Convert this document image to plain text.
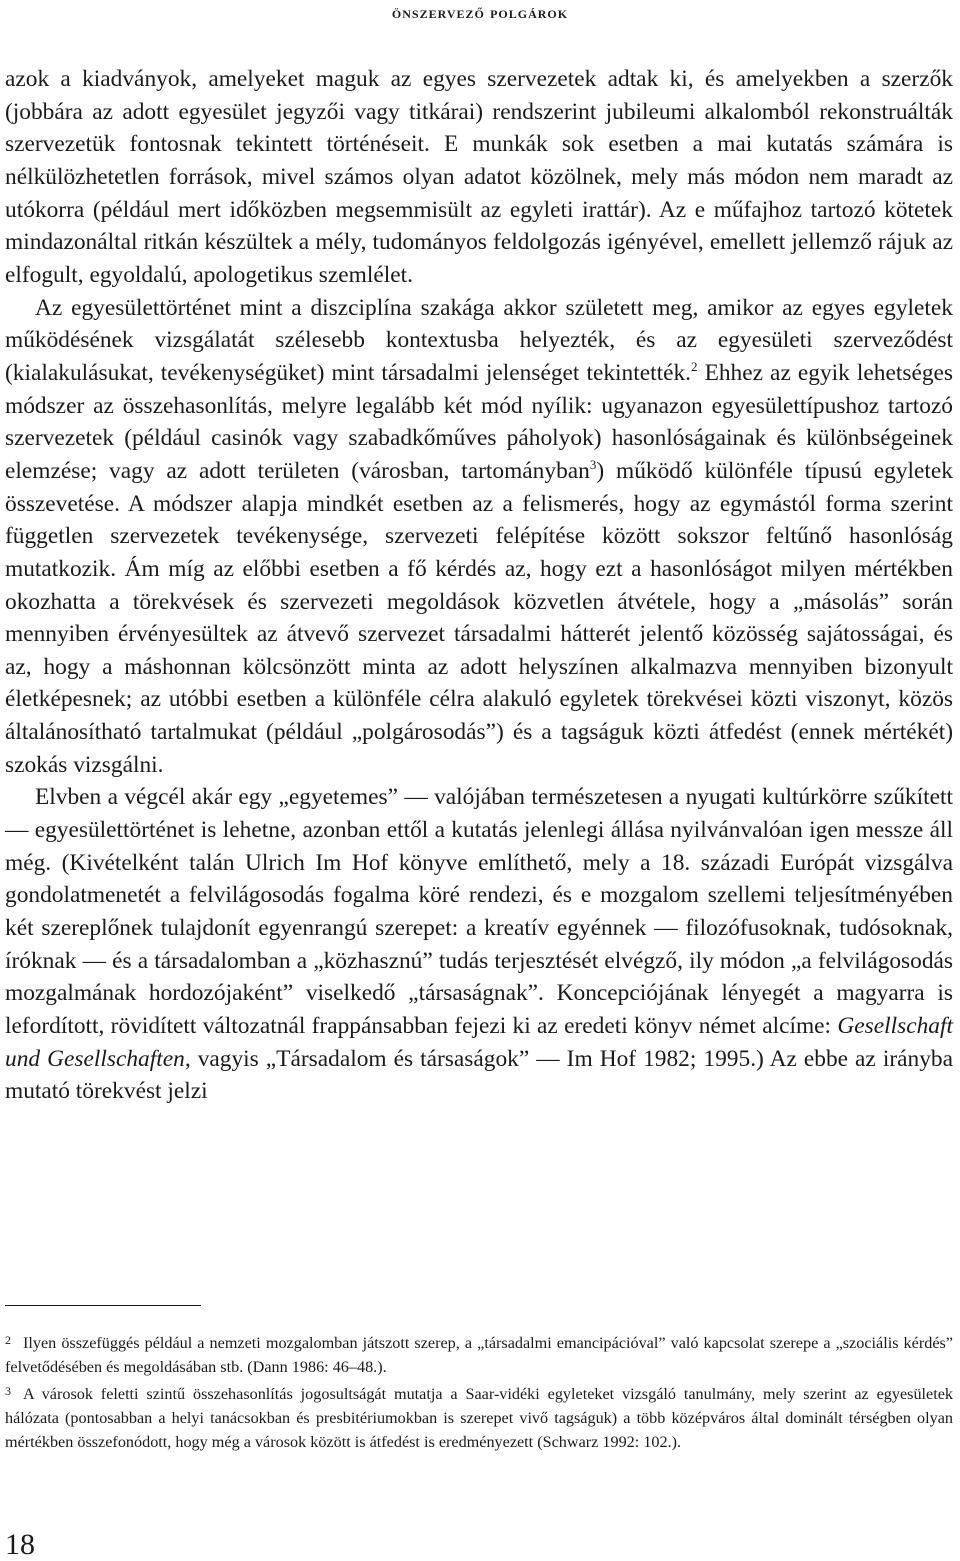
önszervező polgárok

azok a kiadványok, amelyeket maguk az egyes szervezetek adtak ki, és amelyekben a szerzők (jobbára az adott egyesület jegyzői vagy titkárai) rendszerint jubileumi alkalomból rekonstruálták szervezetük fontosnak tekintett történéseit. E munkák sok esetben a mai kutatás számára is nélkülözhetetlen források, mivel számos olyan adatot közölnek, mely más módon nem maradt az utókorra (például mert időközben megsemmisült az egyleti irattár). Az e műfajhoz tartozó kötetek mindazonáltal ritkán készültek a mély, tudományos feldolgozás igényével, emellett jellemző rájuk az elfogult, egyoldalú, apologetikus szemlélet.

Az egyesülettörténet mint a diszciplína szakága akkor született meg, amikor az egyes egyletek működésének vizsgálatát szélesebb kontextusba helyezték, és az egyesületi szerveződést (kialakulásukat, tevékenységüket) mint társadalmi jelenséget tekintették.$^2$ Ehhez az egyik lehetséges módszer az összehasonlítás, melyre legalább két mód nyílik: ugyanazon egyesülettípushoz tartozó szervezetek (például casinók vagy szabadkőműves páholyok) hasonlóságainak és különbségeinek elemzése; vagy az adott területen (városban, tartományban$^3$) működő különféle típusú egyletek összevetése. A módszer alapja mindkét esetben az a felismerés, hogy az egymástól forma szerint független szervezetek tevékenysége, szervezeti felépítése között sokszor feltűnő hasonlóság mutatkozik. Ám míg az előbbi esetben a fő kérdés az, hogy ezt a hasonlóságot milyen mértékben okozhatta a törekvések és szervezeti megoldások közvetlen átvétele, hogy a „másolás” során mennyiben érvényesültek az átvevő szervezet társadalmi hátterét jelentő közösség sajátosságai, és az, hogy a máshonnan kölcsönzött minta az adott helyszínen alkalmazva mennyiben bizonyult életképesnek; az utóbbi esetben a különféle célra alakuló egyletek törekvései közti viszonyt, közös általánosítható tartalmukat (például „polgárosodás”) és a tagságuk közti átfedést (ennek mértékét) szokás vizsgálni.

Elvben a végcél akár egy „egyetemes” — valójában természetesen a nyugati kultúrkörre szűkített — egyesülettörténet is lehetne, azonban ettől a kutatás jelenlegi állása nyilvánvalóan igen messze áll még. (Kivételként talán Ulrich Im Hof könyve említhető, mely a 18. századi Európát vizsgálva gondolatmenetét a felvilágosodás fogalma köré rendezi, és e mozgalom szellemi teljesítményében két szereplőnek tulajdonít egyenrangú szerepet: a kreatív egyénnek — filozófusoknak, tudósoknak, íróknak — és a társadalomban a „közhasznú” tudás terjesztését elvégző, ily módon „a felvilágosodás mozgalmának hordozójaként” viselkedő „társaságnak”. Koncepciójának lényegét a magyarra is lefordított, rövidített változatnál frappánsabban fejezi ki az eredeti könyv német alcíme: Gesellschaft und Gesellschaften, vagyis „Társadalom és társaságok” — Im Hof 1982; 1995.) Az ebbe az irányba mutató törekvést jelzi

$^2$ Ilyen összefüggés például a nemzeti mozgalomban játszott szerep, a „társadalmi emancipációval” való kapcsolat szerepe a „szociális kérdés” felvetődésében és megoldásában stb. (Dann 1986: 46–48.).

$^3$ A városok feletti szintű összehasonlítás jogosultságát mutatja a Saar-vidéki egyleteket vizsgáló tanulmány, mely szerint az egyesületek hálózata (pontosabban a helyi tanácsokban és presbitériumokban is szerepet vivő tagságuk) a több középváros által dominált térségben olyan mértékben összefonódott, hogy még a városok között is átfedést is eredményezett (Schwarz 1992: 102.).

18
